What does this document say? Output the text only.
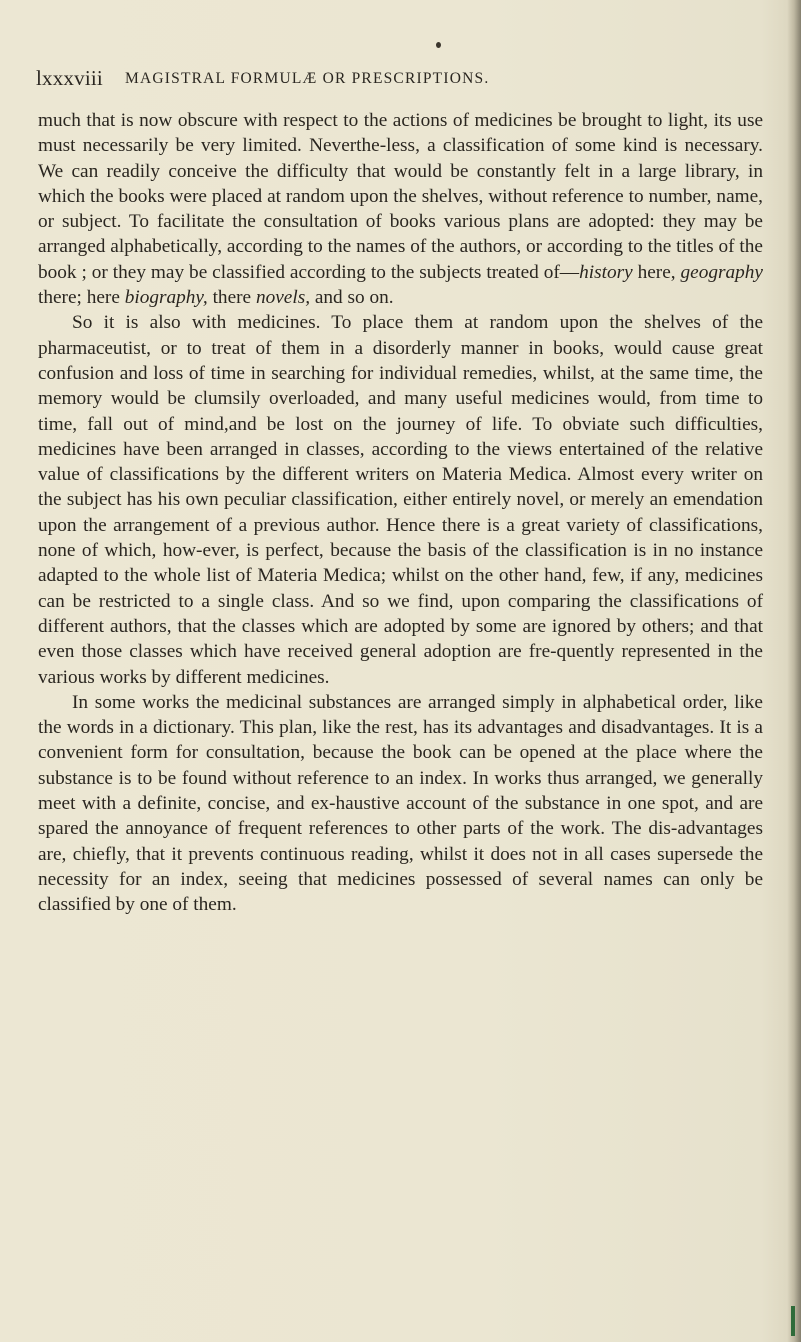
lxxxviii MAGISTRAL FORMULÆ OR PRESCRIPTIONS.

much that is now obscure with respect to the actions of medicines be brought to light, its use must necessarily be very limited. Neverthe-less, a classification of some kind is necessary. We can readily conceive the difficulty that would be constantly felt in a large library, in which the books were placed at random upon the shelves, without reference to number, name, or subject. To facilitate the consultation of books various plans are adopted: they may be arranged alphabetically, according to the names of the authors, or according to the titles of the book ; or they may be classified according to the subjects treated of—history here, geography there; here biography, there novels, and so on.

So it is also with medicines. To place them at random upon the shelves of the pharmaceutist, or to treat of them in a disorderly manner in books, would cause great confusion and loss of time in searching for individual remedies, whilst, at the same time, the memory would be clumsily overloaded, and many useful medicines would, from time to time, fall out of mind,and be lost on the journey of life. To obviate such difficulties, medicines have been arranged in classes, according to the views entertained of the relative value of classifications by the different writers on Materia Medica. Almost every writer on the subject has his own peculiar classification, either entirely novel, or merely an emendation upon the arrangement of a previous author. Hence there is a great variety of classifications, none of which, how-ever, is perfect, because the basis of the classification is in no instance adapted to the whole list of Materia Medica; whilst on the other hand, few, if any, medicines can be restricted to a single class. And so we find, upon comparing the classifications of different authors, that the classes which are adopted by some are ignored by others; and that even those classes which have received general adoption are fre-quently represented in the various works by different medicines.

In some works the medicinal substances are arranged simply in alphabetical order, like the words in a dictionary. This plan, like the rest, has its advantages and disadvantages. It is a convenient form for consultation, because the book can be opened at the place where the substance is to be found without reference to an index. In works thus arranged, we generally meet with a definite, concise, and ex-haustive account of the substance in one spot, and are spared the annoyance of frequent references to other parts of the work. The dis-advantages are, chiefly, that it prevents continuous reading, whilst it does not in all cases supersede the necessity for an index, seeing that medicines possessed of several names can only be classified by one of them.
